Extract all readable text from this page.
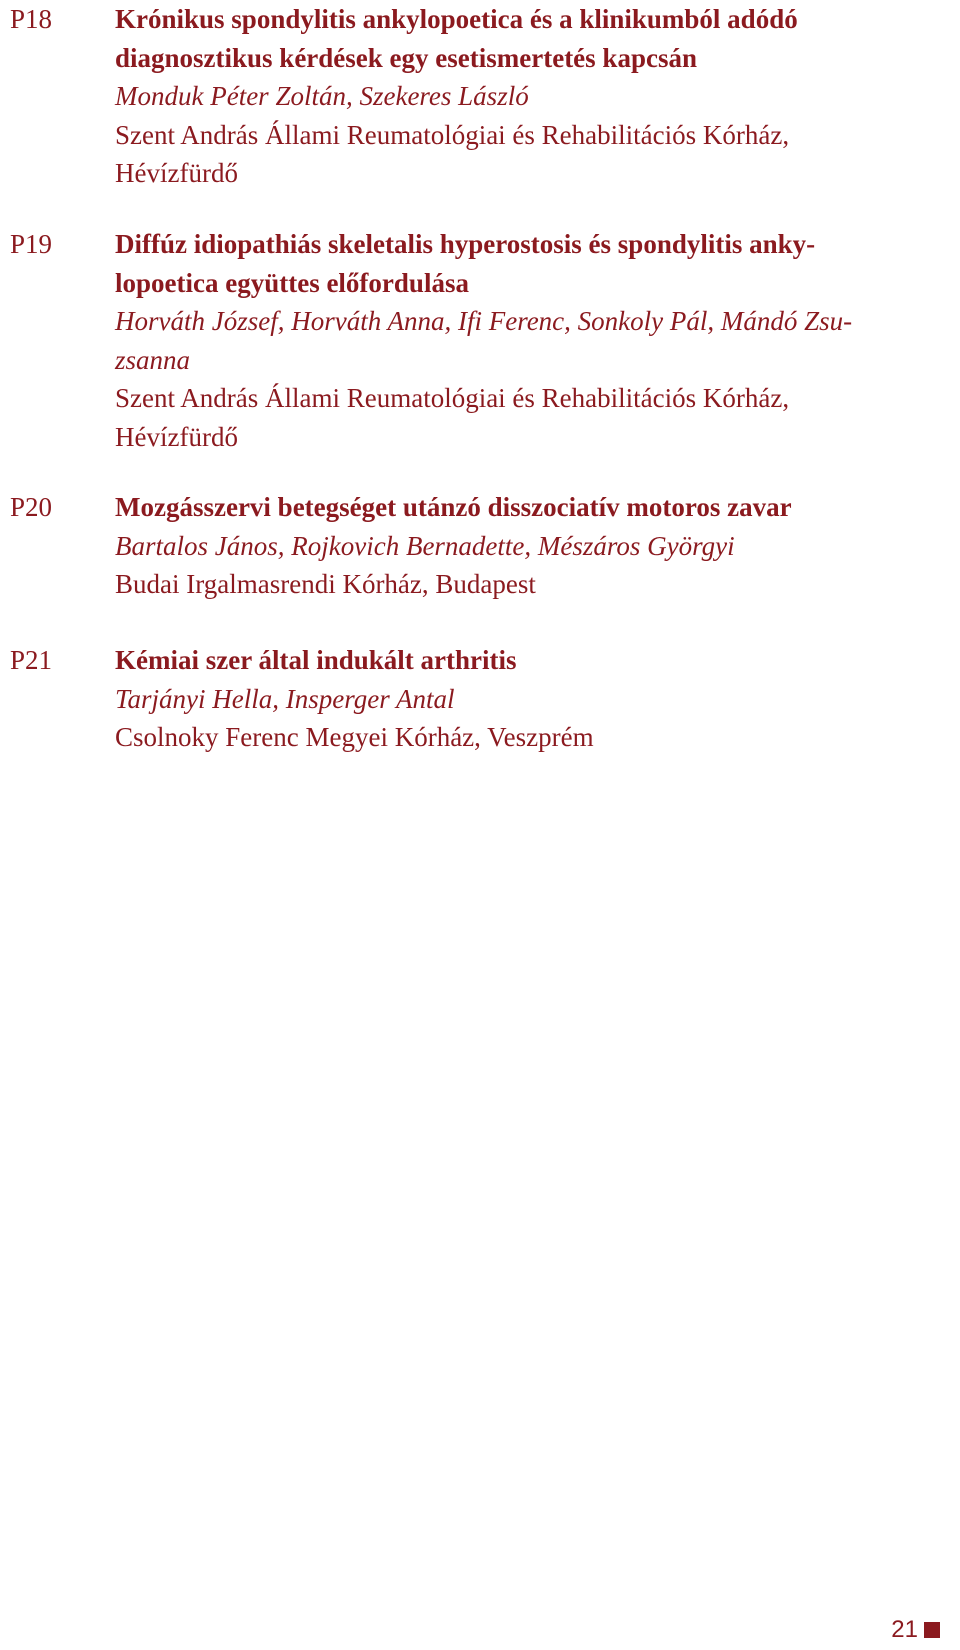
P18 Krónikus spondylitis ankylopoetica és a klinikumból adódó
diagnosztikus kérdések egy esetismertetés kapcsán
Monduk Péter Zoltán, Szekeres László
Szent András Állami Reumatológiai és Rehabilitációs Kórház,
Hévízfürdő
P19 Diffúz idiopathiás skeletalis hyperostosis és spondylitis anky-
lopoetica együttes előfordulása
Horváth József, Horváth Anna, Ifi Ferenc, Sonkoly Pál, Mándó Zsu-
zsanna
Szent András Állami Reumatológiai és Rehabilitációs Kórház,
Hévízfürdő
P20 Mozgásszervi betegséget utánzó disszociatív motoros zavar
Bartalos János, Rojkovich Bernadette, Mészáros Györgyi
Budai Irgalmasrendi Kórház, Budapest
P21 Kémiai szer által indukált arthritis
Tarjányi Hella, Insperger Antal
Csolnoky Ferenc Megyei Kórház, Veszprém
21
